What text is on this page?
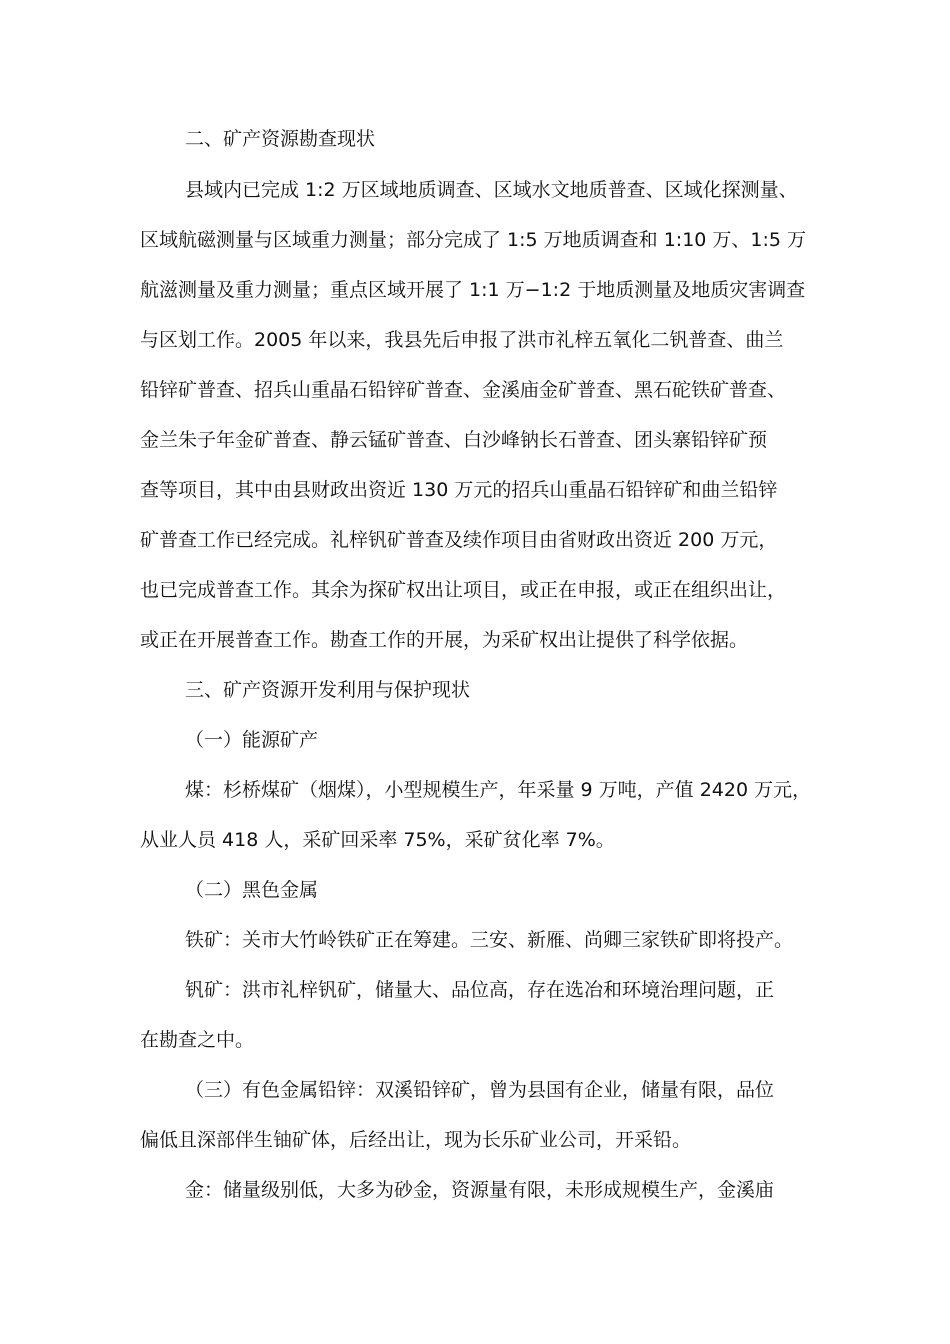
二、矿产资源勘查现状
县域内已完成 1:2 万区域地质调查、区域水文地质普查、区域化探测量、
区域航磁测量与区域重力测量；部分完成了 1:5 万地质调查和 1:10 万、1:5 万
航滋测量及重力测量；重点区域开展了 1:1 万−1:2 于地质测量及地质灾害调查
与区划工作。2005 年以来，我县先后申报了洪市礼梓五氧化二钒普查、曲兰
铅锌矿普查、招兵山重晶石铅锌矿普查、金溪庙金矿普查、黑石砣铁矿普查、
金兰朱子年金矿普查、静云锰矿普查、白沙峰钠长石普查、团头寨铅锌矿预
查等项目，其中由县财政出资近 130 万元的招兵山重晶石铅锌矿和曲兰铅锌
矿普查工作已经完成。礼梓钒矿普查及续作项目由省财政出资近 200 万元，
也已完成普查工作。其余为探矿权出让项目，或正在申报，或正在组织出让，
或正在开展普查工作。勘查工作的开展，为采矿权出让提供了科学依据。
三、矿产资源开发利用与保护现状
（一）能源矿产
煤：杉桥煤矿（烟煤），小型规模生产，年采量 9 万吨，产值 2420 万元，
从业人员 418 人，采矿回采率 75%，采矿贫化率 7%。
（二）黑色金属
铁矿：关市大竹岭铁矿正在筹建。三安、新雁、尚卿三家铁矿即将投产。
钒矿：洪市礼梓钒矿，储量大、品位高，存在选冶和环境治理问题，正
在勘查之中。
（三）有色金属铅锌：双溪铅锌矿，曾为县国有企业，储量有限，品位
偏低且深部伴生铀矿体，后经出让，现为长乐矿业公司，开采铅。
金：储量级别低，大多为砂金，资源量有限，未形成规模生产，金溪庙
